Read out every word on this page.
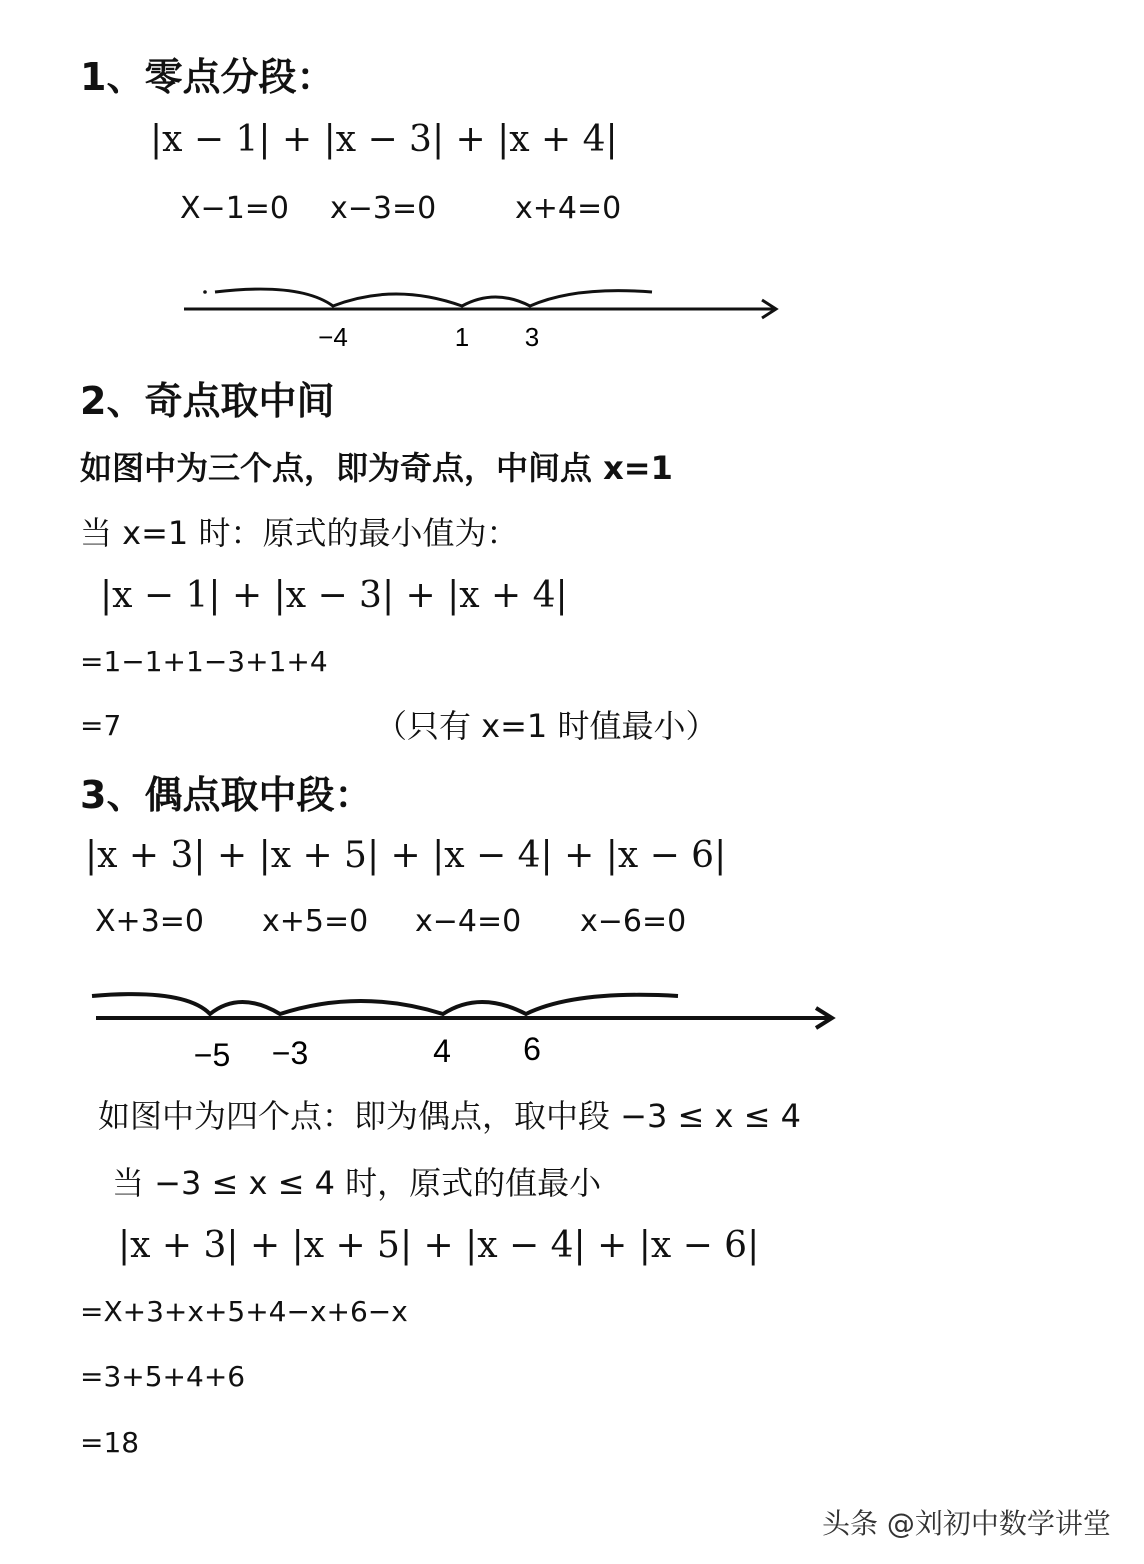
1、零点分段：
|x − 1| + |x − 3| + |x + 4|
X−1=0 x−3=0	x+4=0
−4	1 3
2、奇点取中间
如图中为三个点，即为奇点，中间点 x=1
当 x=1 时：原式的最小值为：
|x − 1| + |x − 3| + |x + 4|
=1−1+1−3+1+4
=7	（只有 x=1 时值最小）
3、偶点取中段：
|x + 3| + |x + 5| + |x − 4| + |x − 6|
X+3=0 x+5=0 x−4=0 x−6=0
−5 −3	4 6
如图中为四个点：即为偶点，取中段 −3 ≤ x ≤ 4
当 −3 ≤ x ≤ 4 时，原式的值最小
|x + 3| + |x + 5| + |x − 4| + |x − 6|
=X+3+x+5+4−x+6−x
=3+5+4+6
=18
头条 @刘初中数学讲堂
